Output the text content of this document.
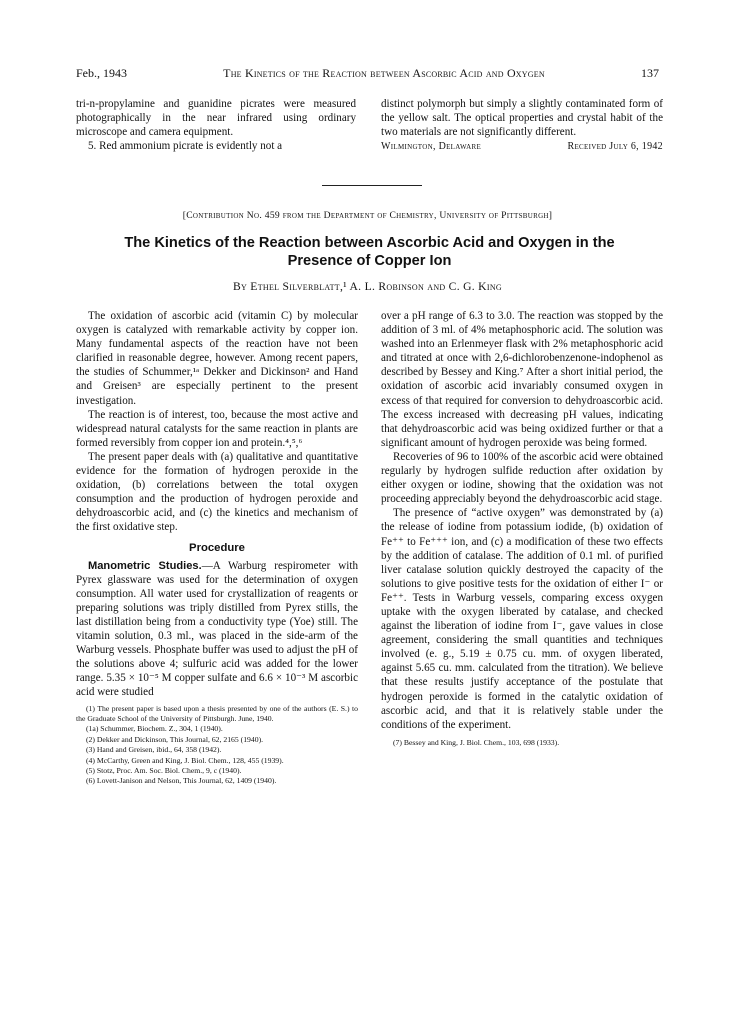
Feb., 1943	The Kinetics of the Reaction between Ascorbic Acid and Oxygen	137

tri-n-propylamine and guanidine picrates were measured photographically in the near infrared using ordinary microscope and camera equipment.

5. Red ammonium picrate is evidently not a

distinct polymorph but simply a slightly contaminated form of the yellow salt. The optical properties and crystal habit of the two materials are not significantly different.

Wilmington, Delaware	Received July 6, 1942
[Contribution No. 459 from the Department of Chemistry, University of Pittsburgh]
The Kinetics of the Reaction between Ascorbic Acid and Oxygen in the Presence of Copper Ion
By Ethel Silverblatt,¹ A. L. Robinson and C. G. King

The oxidation of ascorbic acid (vitamin C) by molecular oxygen is catalyzed with remarkable activity by copper ion. Many fundamental aspects of the reaction have not been clarified in reasonable degree, however. Among recent papers, the studies of Schummer,¹ᵃ Dekker and Dickinson² and Hand and Greisen³ are especially pertinent to the present investigation.

The reaction is of interest, too, because the most active and widespread natural catalysts for the same reaction in plants are formed reversibly from copper ion and protein.⁴,⁵,⁶

The present paper deals with (a) qualitative and quantitative evidence for the formation of hydrogen peroxide in the oxidation, (b) correlations between the total oxygen consumption and the production of hydrogen peroxide and dehydroascorbic acid, and (c) the kinetics and mechanism of the first oxidative step.

Procedure

Manometric Studies.—A Warburg respirometer with Pyrex glassware was used for the determination of oxygen consumption. All water used for crystallization of reagents or preparing solutions was triply distilled from Pyrex stills, the last distillation being from a conductivity type (Yoe) still. The vitamin solution, 0.3 ml., was placed in the side-arm of the Warburg vessels. Phosphate buffer was used to adjust the pH of the solutions above 4; sulfuric acid was added for the lower range. 5.35 × 10⁻⁵ M copper sulfate and 6.6 × 10⁻³ M ascorbic acid were studied

(1) The present paper is based upon a thesis presented by one of the authors (E. S.) to the Graduate School of the University of Pittsburgh. June, 1940.
(1a) Schummer, Biochem. Z., 304, 1 (1940).
(2) Dekker and Dickinson, This Journal, 62, 2165 (1940).
(3) Hand and Greisen, ibid., 64, 358 (1942).
(4) McCarthy, Green and King, J. Biol. Chem., 128, 455 (1939).
(5) Stotz, Proc. Am. Soc. Biol. Chem., 9, c (1940).
(6) Lovett-Janison and Nelson, This Journal, 62, 1409 (1940).

over a pH range of 6.3 to 3.0. The reaction was stopped by the addition of 3 ml. of 4% metaphosphoric acid. The solution was washed into an Erlenmeyer flask with 2% metaphosphoric acid and titrated at once with 2,6-dichlorobenzenone-indophenol as described by Bessey and King.⁷ After a short initial period, the oxidation of ascorbic acid invariably consumed oxygen in excess of that required for conversion to dehydroascorbic acid. The excess increased with decreasing pH values, indicating that dehydroascorbic acid was being oxidized further or that a significant amount of hydrogen peroxide was being formed.

Recoveries of 96 to 100% of the ascorbic acid were obtained regularly by hydrogen sulfide reduction after oxidation by either oxygen or iodine, showing that the oxidation was not proceeding appreciably beyond the dehydroascorbic acid stage.

The presence of “active oxygen” was demonstrated by (a) the release of iodine from potassium iodide, (b) oxidation of Fe⁺⁺ to Fe⁺⁺⁺ ion, and (c) a modification of these two effects by the addition of catalase. The addition of 0.1 ml. of purified liver catalase solution quickly destroyed the capacity of the solutions to give positive tests for the oxidation of either I⁻ or Fe⁺⁺. Tests in Warburg vessels, comparing excess oxygen uptake with the oxygen liberated by catalase, and checked against the liberation of iodine from I⁻, gave values in close agreement, considering the small quantities and techniques involved (e. g., 5.19 ± 0.75 cu. mm. of oxygen liberated, against 5.65 cu. mm. calculated from the titration). We believe that these results justify acceptance of the postulate that hydrogen peroxide is formed in the catalytic oxidation of ascorbic acid, and that it is relatively stable under the conditions of the experiment.

(7) Bessey and King, J. Biol. Chem., 103, 698 (1933).
